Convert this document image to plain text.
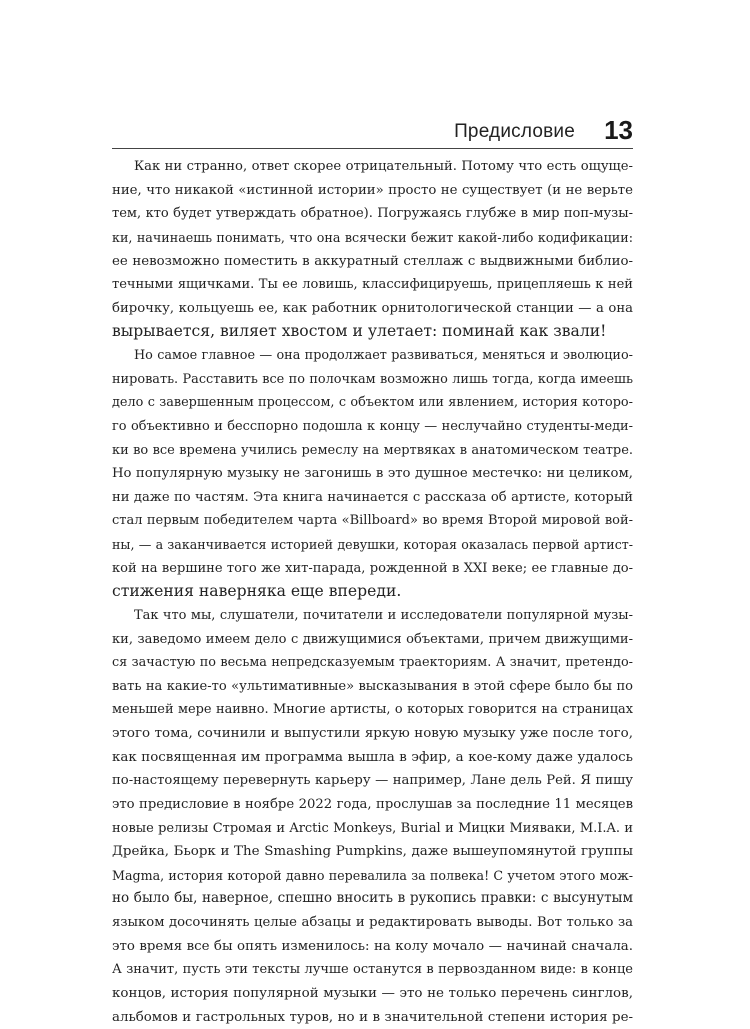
Предисловие 13
Как ни странно, ответ скорее отрицательный. Потому что есть ощуще-
ние, что никакой «истинной истории» просто не существует (и не верьте
тем, кто будет утверждать обратное). Погружаясь глубже в мир поп-музы-
ки, начинаешь понимать, что она всячески бежит какой-либо кодификации:
ее невозможно поместить в аккуратный стеллаж с выдвижными библио-
течными ящичками. Ты ее ловишь, классифицируешь, прицепляешь к ней
бирочку, кольцуешь ее, как работник орнитологической станции — а она
вырывается, виляет хвостом и улетает: поминай как звали!
Но самое главное — она продолжает развиваться, меняться и эволюцио-
нировать. Расставить все по полочкам возможно лишь тогда, когда имеешь
дело с завершенным процессом, с объектом или явлением, история которо-
го объективно и бесспорно подошла к концу — неслучайно студенты-меди-
ки во все времена учились ремеслу на мертвяках в анатомическом театре.
Но популярную музыку не загонишь в это душное местечко: ни целиком,
ни даже по частям. Эта книга начинается с рассказа об артисте, который
стал первым победителем чарта «Billboard» во время Второй мировой вой-
ны, — а заканчивается историей девушки, которая оказалась первой артист-
кой на вершине того же хит-парада, рожденной в XXI веке; ее главные до-
стижения наверняка еще впереди.
Так что мы, слушатели, почитатели и исследователи популярной музы-
ки, заведомо имеем дело с движущимися объектами, причем движущими-
ся зачастую по весьма непредсказуемым траекториям. А значит, претендо-
вать на какие-то «ультимативные» высказывания в этой сфере было бы по
меньшей мере наивно. Многие артисты, о которых говорится на страницах
этого тома, сочинили и выпустили яркую новую музыку уже после того,
как посвященная им программа вышла в эфир, а кое-кому даже удалось
по-настоящему перевернуть карьеру — например, Лане дель Рей. Я пишу
это предисловие в ноябре 2022 года, прослушав за последние 11 месяцев
новые релизы Стромая и Arctic Monkeys, Burial и Мицки Миявaки, M.I.A. и
Дрейка, Бьорк и The Smashing Pumpkins, даже вышеупомянутой группы
Magma, история которой давно перевалила за полвека! С учетом этого мож-
но было бы, наверное, спешно вносить в рукопись правки: с высунутым
языком досочинять целые абзацы и редактировать выводы. Вот только за
это время все бы опять изменилось: на колу мочало — начинай сначала.
А значит, пусть эти тексты лучше останутся в первозданном виде: в конце
концов, история популярной музыки — это не только перечень синглов,
альбомов и гастрольных туров, но и в значительной степени история ре-
